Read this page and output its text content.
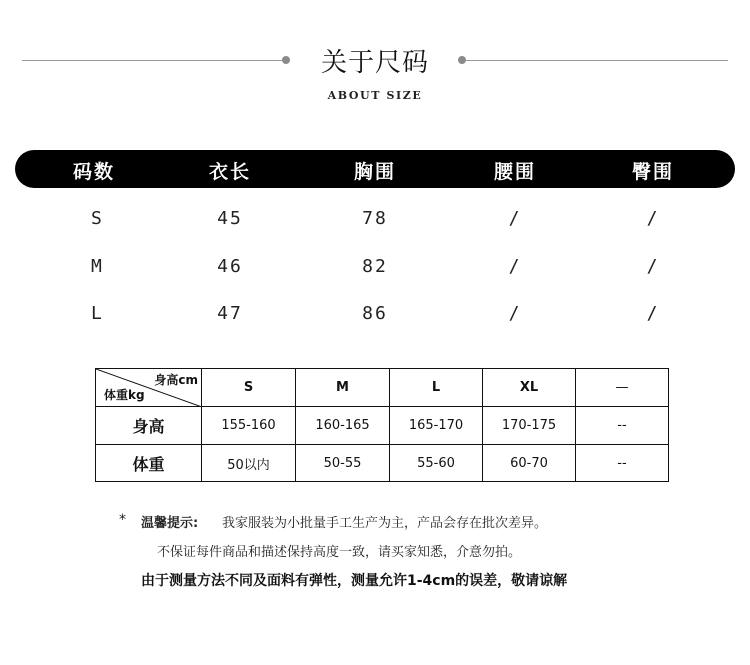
关于尺码
ABOUT SIZE
码数	衣长	胸围	腰围	臀围
S	45	78	/	/
M	46	82	/	/
L	47	86	/	/
身高cm
体重kg	S	M	L	XL	—
身高	155-160	160-165	165-170	170-175	--
体重	50以内	50-55	55-60	60-70	--
* 温馨提示: 我家服装为小批量手工生产为主，产品会存在批次差异。
不保证每件商品和描述保持高度一致，请买家知悉，介意勿拍。
由于测量方法不同及面料有弹性，测量允许1-4cm的误差，敬请谅解
